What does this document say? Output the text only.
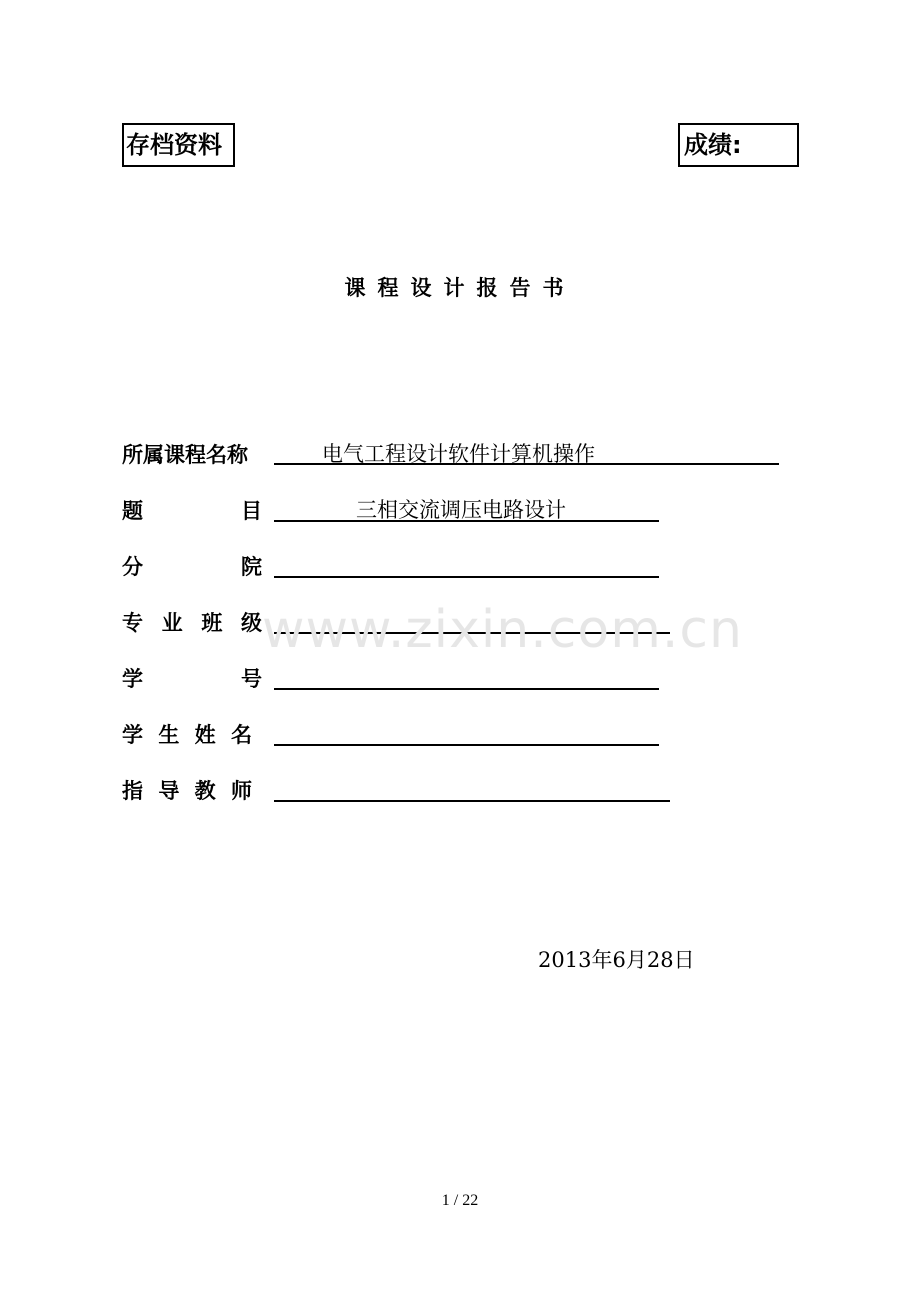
存档资料	成绩:
课程设计报告书
所属课程名称	电气工程设计软件计算机操作
题	目	三相交流调压电路设计
分	院
专 业 班 级
学	号
学 生 姓 名
指 导 教 师
www.zixin.com.cn
2013年6月28日
1 / 22
